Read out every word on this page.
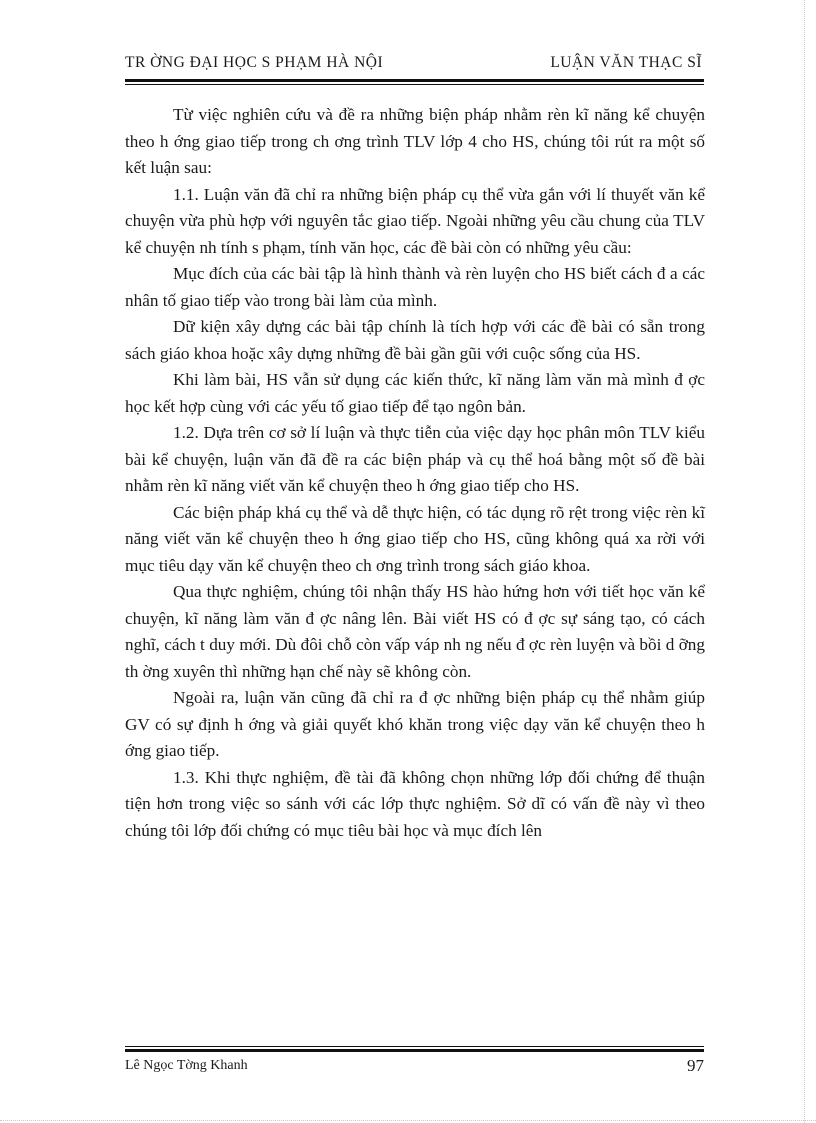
TR ỜNG ĐẠI HỌC S PHẠM HÀ NỘI	LUẬN VĂN THẠC SĨ

Từ việc nghiên cứu và đề ra những biện pháp nhằm rèn kĩ năng kể chuyện theo h ớng giao tiếp trong ch ơng trình TLV lớp 4 cho HS, chúng tôi rút ra một số kết luận sau:

1.1. Luận văn đã chỉ ra những biện pháp cụ thể vừa gắn với lí thuyết văn kể chuyện vừa phù hợp với nguyên tắc giao tiếp. Ngoài những yêu cầu chung của TLV kể chuyện nh tính s phạm, tính văn học, các đề bài còn có những yêu cầu:

Mục đích của các bài tập là hình thành và rèn luyện cho HS biết cách đ a các nhân tố giao tiếp vào trong bài làm của mình.

Dữ kiện xây dựng các bài tập chính là tích hợp với các đề bài có sẵn trong sách giáo khoa hoặc xây dựng những đề bài gần gũi với cuộc sống của HS.

Khi làm bài, HS vẫn sử dụng các kiến thức, kĩ năng làm văn mà mình đ ợc học kết hợp cùng với các yếu tố giao tiếp để tạo ngôn bản.

1.2. Dựa trên cơ sở lí luận và thực tiễn của việc dạy học phân môn TLV kiểu bài kể chuyện, luận văn đã đề ra các biện pháp và cụ thể hoá bằng một số đề bài nhằm rèn kĩ năng viết văn kể chuyện theo h ớng giao tiếp cho HS.

Các biện pháp khá cụ thể và dễ thực hiện, có tác dụng rõ rệt trong việc rèn kĩ năng viết văn kể chuyện theo h ớng giao tiếp cho HS, cũng không quá xa rời với mục tiêu dạy văn kể chuyện theo ch ơng trình trong sách giáo khoa.

Qua thực nghiệm, chúng tôi nhận thấy HS hào hứng hơn với tiết học văn kể chuyện, kĩ năng làm văn đ ợc nâng lên. Bài viết HS có đ ợc sự sáng tạo, có cách nghĩ, cách t duy mới. Dù đôi chỗ còn vấp váp nh ng nếu đ ợc rèn luyện và bồi d ỡng th ờng xuyên thì những hạn chế này sẽ không còn.

Ngoài ra, luận văn cũng đã chỉ ra đ ợc những biện pháp cụ thể nhằm giúp GV có sự định h ớng và giải quyết khó khăn trong việc dạy văn kể chuyện theo h ớng giao tiếp.

1.3. Khi thực nghiệm, đề tài đã không chọn những lớp đối chứng để thuận tiện hơn trong việc so sánh với các lớp thực nghiệm. Sở dĩ có vấn đề này vì theo chúng tôi lớp đối chứng có mục tiêu bài học và mục đích lên

Lê Ngọc Tờng Khanh	97
